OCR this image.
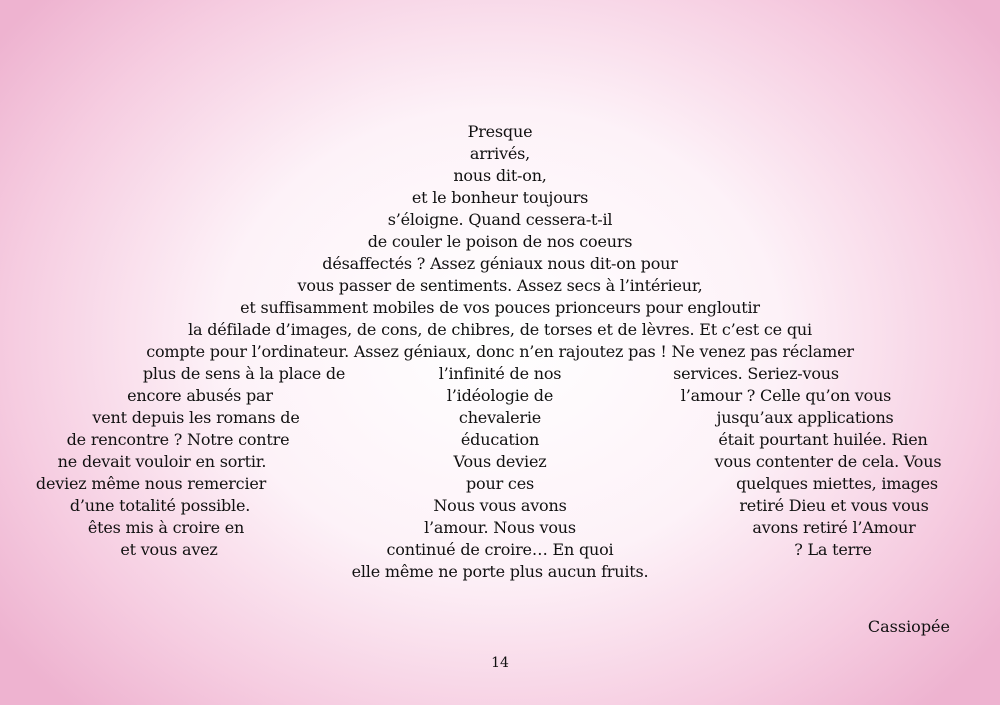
Presque
arrivés,
nous dit-on,
et le bonheur toujours
s’éloigne. Quand cessera-t-il
de couler le poison de nos coeurs
désaffectés ? Assez géniaux nous dit-on pour
vous passer de sentiments. Assez secs à l’intérieur,
et suffisamment mobiles de vos pouces prionceurs pour engloutir
la défilade d’images, de cons, de chibres, de torses et de lèvres. Et c’est ce qui
compte pour l’ordinateur. Assez géniaux, donc n’en rajoutez pas ! Ne venez pas réclamer
plus de sens à la place de
encore abusés par
vent depuis les romans de
de rencontre ? Notre contre
ne devait vouloir en sortir.
deviez même nous remercier
d’une totalité possible.
êtes mis à croire en
et vous avez
l’infinité de nos
l’idéologie de
chevalerie
éducation
Vous deviez
pour ces
Nous vous avons
l’amour. Nous vous
continué de croire… En quoi
elle même ne porte plus aucun fruits.
services. Seriez-vous
l’amour ? Celle qu’on vous
jusqu’aux applications
était pourtant huilée. Rien
vous contenter de cela. Vous
quelques miettes, images
retiré Dieu et vous vous
avons retiré l’Amour
? La terre
Cassiopée
14
